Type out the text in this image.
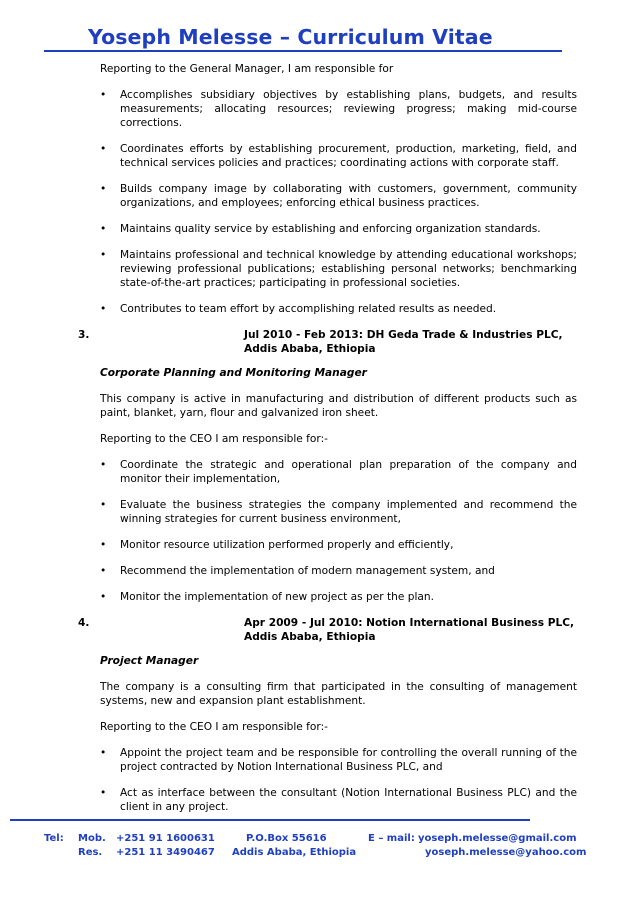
Yoseph Melesse – Curriculum Vitae

Reporting to the General Manager, I am responsible for

• Accomplishes subsidiary objectives by establishing plans, budgets, and results measurements; allocating resources; reviewing progress; making mid-course corrections.
• Coordinates efforts by establishing procurement, production, marketing, field, and technical services policies and practices; coordinating actions with corporate staff.
• Builds company image by collaborating with customers, government, community organizations, and employees; enforcing ethical business practices.
• Maintains quality service by establishing and enforcing organization standards.
• Maintains professional and technical knowledge by attending educational workshops; reviewing professional publications; establishing personal networks; benchmarking state-of-the-art practices; participating in professional societies.
• Contributes to team effort by accomplishing related results as needed.
3.	Jul 2010 - Feb 2013: DH Geda Trade & Industries PLC,
Addis Ababa, Ethiopia

Corporate Planning and Monitoring Manager

This company is active in manufacturing and distribution of different products such as paint, blanket, yarn, flour and galvanized iron sheet.

Reporting to the CEO I am responsible for:-

• Coordinate the strategic and operational plan preparation of the company and monitor their implementation,
• Evaluate the business strategies the company implemented and recommend the winning strategies for current business environment,
• Monitor resource utilization performed properly and efficiently,
• Recommend the implementation of modern management system, and
• Monitor the implementation of new project as per the plan.
4.	Apr 2009 - Jul 2010: Notion International Business PLC,
Addis Ababa, Ethiopia

Project Manager

The company is a consulting firm that participated in the consulting of management systems, new and expansion plant establishment.

Reporting to the CEO I am responsible for:-

• Appoint the project team and be responsible for controlling the overall running of the project contracted by Notion International Business PLC, and
• Act as interface between the consultant (Notion International Business PLC) and the client in any project.
Tel: Mob. +251 91 1600631
Res. +251 11 3490467
P.O.Box 55616
Addis Ababa, Ethiopia
E – mail: yoseph.melesse@gmail.com
yoseph.melesse@yahoo.com
